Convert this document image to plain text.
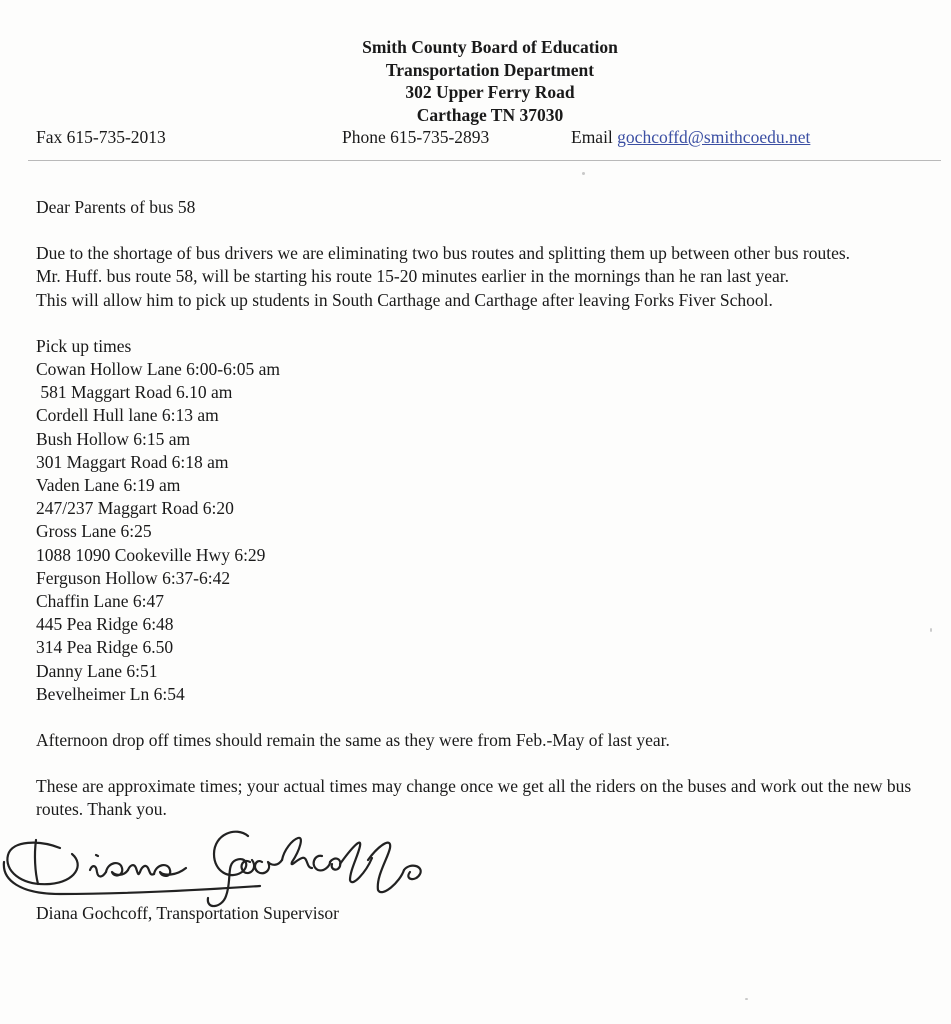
Smith County Board of Education
Transportation Department
302 Upper Ferry Road
Carthage TN 37030
Fax 615-735-2013	Phone 615-735-2893	Email gochcoffd@smithcoedu.net

Dear Parents of bus 58

Due to the shortage of bus drivers we are eliminating two bus routes and splitting them up between other bus routes.

Mr. Huff. bus route 58, will be starting his route 15-20 minutes earlier in the mornings than he ran last year.

This will allow him to pick up students in South Carthage and Carthage after leaving Forks Fiver School.

Pick up times

Cowan Hollow Lane 6:00-6:05 am
581 Maggart Road 6.10 am
Cordell Hull lane 6:13 am
Bush Hollow 6:15 am
301 Maggart Road 6:18 am
Vaden Lane 6:19 am
247/237 Maggart Road 6:20
Gross Lane 6:25
1088 1090 Cookeville Hwy 6:29
Ferguson Hollow 6:37-6:42
Chaffin Lane 6:47
445 Pea Ridge 6:48
314 Pea Ridge 6.50
Danny Lane 6:51
Bevelheimer Ln 6:54

Afternoon drop off times should remain the same as they were from Feb.-May of last year.

These are approximate times; your actual times may change once we get all the riders on the buses and work out the new bus routes. Thank you.

Diana Gochcoff, Transportation Supervisor
